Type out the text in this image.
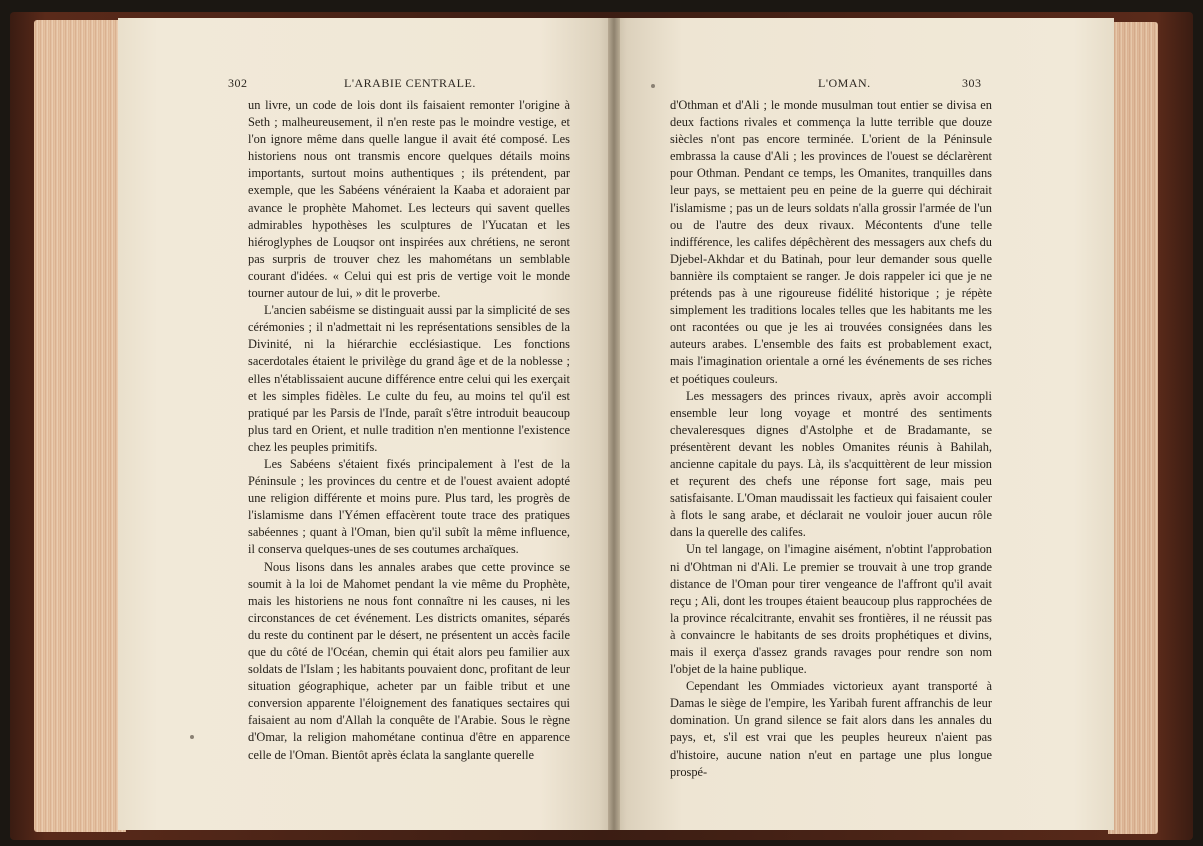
302	L'ARABIE CENTRALE.	L'OMAN.	303

un livre, un code de lois dont ils faisaient remonter l'origine à Seth ; malheureusement, il n'en reste pas le moindre vestige, et l'on ignore même dans quelle langue il avait été composé. Les historiens nous ont transmis encore quelques détails moins importants, surtout moins authentiques ; ils prétendent, par exemple, que les Sabéens vénéraient la Kaaba et adoraient par avance le prophète Mahomet. Les lecteurs qui savent quelles admirables hypothèses les sculptures de l'Yucatan et les hiéroglyphes de Louqsor ont inspirées aux chrétiens, ne seront pas surpris de trouver chez les mahométans un semblable courant d'idées. « Celui qui est pris de vertige voit le monde tourner autour de lui, » dit le proverbe.

L'ancien sabéisme se distinguait aussi par la simplicité de ses cérémonies ; il n'admettait ni les représentations sensibles de la Divinité, ni la hiérarchie ecclésiastique. Les fonctions sacerdotales étaient le privilège du grand âge et de la noblesse ; elles n'établissaient aucune différence entre celui qui les exerçait et les simples fidèles. Le culte du feu, au moins tel qu'il est pratiqué par les Parsis de l'Inde, paraît s'être introduit beaucoup plus tard en Orient, et nulle tradition n'en mentionne l'existence chez les peuples primitifs.

Les Sabéens s'étaient fixés principalement à l'est de la Péninsule ; les provinces du centre et de l'ouest avaient adopté une religion différente et moins pure. Plus tard, les progrès de l'islamisme dans l'Yémen effacèrent toute trace des pratiques sabéennes ; quant à l'Oman, bien qu'il subît la même influence, il conserva quelques-unes de ses coutumes archaïques.

Nous lisons dans les annales arabes que cette province se soumit à la loi de Mahomet pendant la vie même du Prophète, mais les historiens ne nous font connaître ni les causes, ni les circonstances de cet événement. Les districts omanites, séparés du reste du continent par le désert, ne présentent un accès facile que du côté de l'Océan, chemin qui était alors peu familier aux soldats de l'Islam ; les habitants pouvaient donc, profitant de leur situation géographique, acheter par un faible tribut et une conversion apparente l'éloignement des fanatiques sectaires qui faisaient au nom d'Allah la conquête de l'Arabie. Sous le règne d'Omar, la religion mahométane continua d'être en apparence celle de l'Oman. Bientôt après éclata la sanglante querelle

d'Othman et d'Ali ; le monde musulman tout entier se divisa en deux factions rivales et commença la lutte terrible que douze siècles n'ont pas encore terminée. L'orient de la Péninsule embrassa la cause d'Ali ; les provinces de l'ouest se déclarèrent pour Othman. Pendant ce temps, les Omanites, tranquilles dans leur pays, se mettaient peu en peine de la guerre qui déchirait l'islamisme ; pas un de leurs soldats n'alla grossir l'armée de l'un ou de l'autre des deux rivaux. Mécontents d'une telle indifférence, les califes dépêchèrent des messagers aux chefs du Djebel-Akhdar et du Batinah, pour leur demander sous quelle bannière ils comptaient se ranger. Je dois rappeler ici que je ne prétends pas à une rigoureuse fidélité historique ; je répète simplement les traditions locales telles que les habitants me les ont racontées ou que je les ai trouvées consignées dans les auteurs arabes. L'ensemble des faits est probablement exact, mais l'imagination orientale a orné les événements de ses riches et poétiques couleurs.

Les messagers des princes rivaux, après avoir accompli ensemble leur long voyage et montré des sentiments chevaleresques dignes d'Astolphe et de Bradamante, se présentèrent devant les nobles Omanites réunis à Bahilah, ancienne capitale du pays. Là, ils s'acquittèrent de leur mission et reçurent des chefs une réponse fort sage, mais peu satisfaisante. L'Oman maudissait les factieux qui faisaient couler à flots le sang arabe, et déclarait ne vouloir jouer aucun rôle dans la querelle des califes.

Un tel langage, on l'imagine aisément, n'obtint l'approbation ni d'Ohtman ni d'Ali. Le premier se trouvait à une trop grande distance de l'Oman pour tirer vengeance de l'affront qu'il avait reçu ; Ali, dont les troupes étaient beaucoup plus rapprochées de la province récalcitrante, envahit ses frontières, il ne réussit pas à convaincre le habitants de ses droits prophétiques et divins, mais il exerça d'assez grands ravages pour rendre son nom l'objet de la haine publique.

Cependant les Ommiades victorieux ayant transporté à Damas le siège de l'empire, les Yaribah furent affranchis de leur domination. Un grand silence se fait alors dans les annales du pays, et, s'il est vrai que les peuples heureux n'aient pas d'histoire, aucune nation n'eut en partage une plus longue prospé-
